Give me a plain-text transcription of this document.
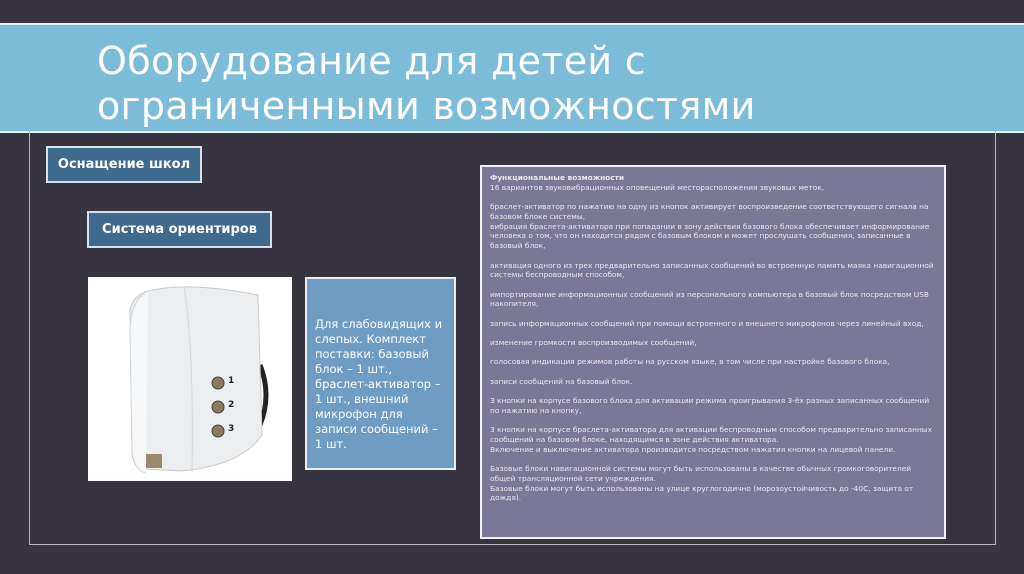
Оборудование для детей с
ограниченными возможностями
Оснащение школ
Система ориентиров
1
2
3
Для слабовидящих и слепых. Комплект поставки: базовый блок – 1 шт., браслет-активатор – 1 шт., внешний микрофон для записи сообщений – 1 шт.

Функциональные возможности

16 вариантов звуковибрационных оповещений месторасположения звуковых меток,

браслет-активатор по нажатию на одну из кнопок активирует воспроизведение соответствующего сигнала на базовом блоке системы,
вибрация браслета-активатора при попадании в зону действия базового блока обеспечивает информирование человека о том, что он находится рядом с базовым блоком и может прослушать сообщения, записанные в базовый блок,

активация одного из трех предварительно записанных сообщений во встроенную память маяка навигационной системы беспроводным способом,

импортирование информационных сообщений из персонального компьютера в базовый блок посредством USB накопителя,

запись информационных сообщений при помощи встроенного и внешнего микрофонов через линейный вход,

изменение громкости воспроизводимых сообщений,

голосовая индикация режимов работы на русском языке, в том числе при настройке базового блока,

записи сообщений на базовый блок.

3 кнопки на корпусе базового блока для активации режима проигрывания 3-ёх разных записанных сообщений по нажатию на кнопку,

3 кнопки на корпусе браслета-активатора для активации беспроводным способом предварительно записанных сообщений на базовом блоке, находящимся в зоне действия активатора.
Включение и выключение активатора производится посредством нажатия кнопки на лицевой панели.

Базовые блоки навигационной системы могут быть использованы в качестве обычных громкоговорителей общей трансляционной сети учреждения.
Базовые блоки могут быть использованы на улице круглогодично (морозоустойчивость до -40С, защита от дождя).
